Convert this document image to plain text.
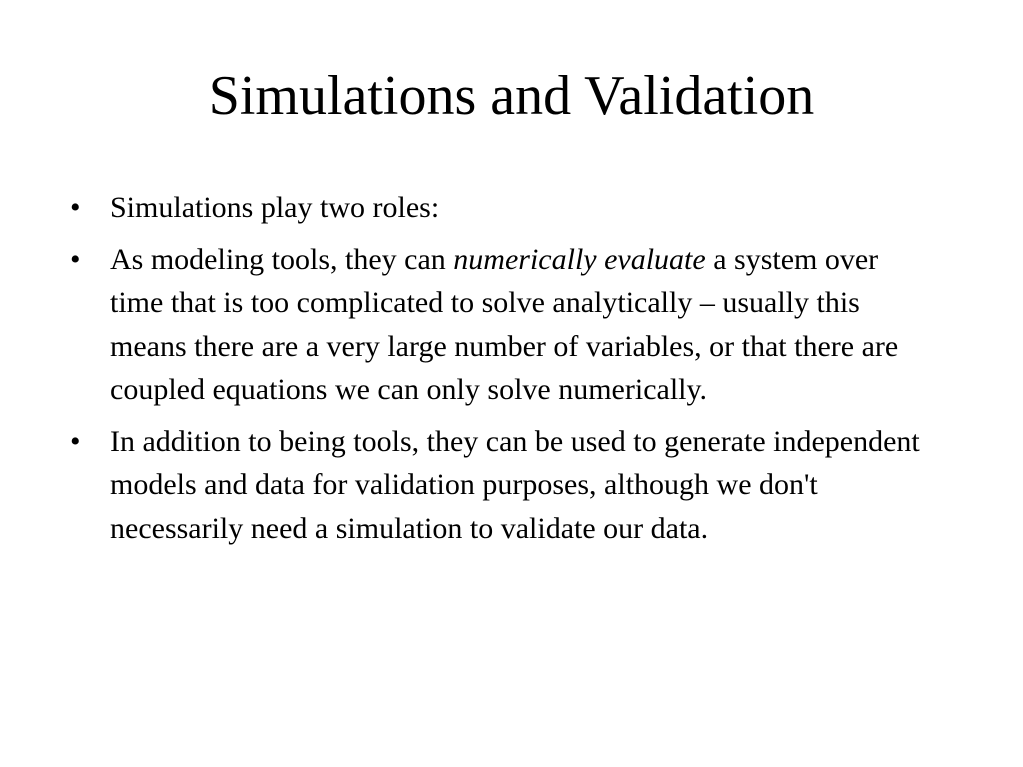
Simulations and Validation
• Simulations play two roles:
• As modeling tools, they can numerically evaluate a system over time that is too complicated to solve analytically – usually this means there are a very large number of variables, or that there are coupled equations we can only solve numerically.
• In addition to being tools, they can be used to generate independent models and data for validation purposes, although we don't necessarily need a simulation to validate our data.
